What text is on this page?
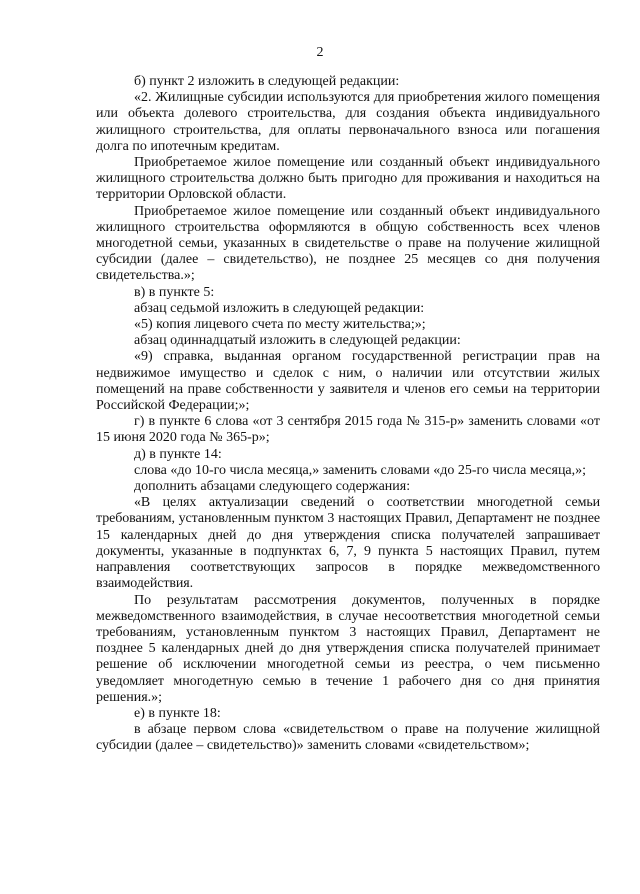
2

б) пункт 2 изложить в следующей редакции:

«2. Жилищные субсидии используются для приобретения жилого помещения или объекта долевого строительства, для создания объекта индивидуального жилищного строительства, для оплаты первоначального взноса или погашения долга по ипотечным кредитам.

Приобретаемое жилое помещение или созданный объект индивидуального жилищного строительства должно быть пригодно для проживания и находиться на территории Орловской области.

Приобретаемое жилое помещение или созданный объект индивидуального жилищного строительства оформляются в общую собственность всех членов многодетной семьи, указанных в свидетельстве о праве на получение жилищной субсидии (далее – свидетельство), не позднее 25 месяцев со дня получения свидетельства.»;

в) в пункте 5:

абзац седьмой изложить в следующей редакции:

«5) копия лицевого счета по месту жительства;»;

абзац одиннадцатый изложить в следующей редакции:

«9) справка, выданная органом государственной регистрации прав на недвижимое имущество и сделок с ним, о наличии или отсутствии жилых помещений на праве собственности у заявителя и членов его семьи на территории Российской Федерации;»;

г) в пункте 6 слова «от 3 сентября 2015 года № 315-р» заменить словами «от 15 июня 2020 года № 365-р»;

д) в пункте 14:

слова «до 10-го числа месяца,» заменить словами «до 25-го числа месяца,»;

дополнить абзацами следующего содержания:

«В целях актуализации сведений о соответствии многодетной семьи требованиям, установленным пунктом 3 настоящих Правил, Департамент не позднее 15 календарных дней до дня утверждения списка получателей запрашивает документы, указанные в подпунктах 6, 7, 9 пункта 5 настоящих Правил, путем направления соответствующих запросов в порядке межведомственного взаимодействия.

По результатам рассмотрения документов, полученных в порядке межведомственного взаимодействия, в случае несоответствия многодетной семьи требованиям, установленным пунктом 3 настоящих Правил, Департамент не позднее 5 календарных дней до дня утверждения списка получателей принимает решение об исключении многодетной семьи из реестра, о чем письменно уведомляет многодетную семью в течение 1 рабочего дня со дня принятия решения.»;

е) в пункте 18:

в абзаце первом слова «свидетельством о праве на получение жилищной субсидии (далее – свидетельство)» заменить словами «свидетельством»;
